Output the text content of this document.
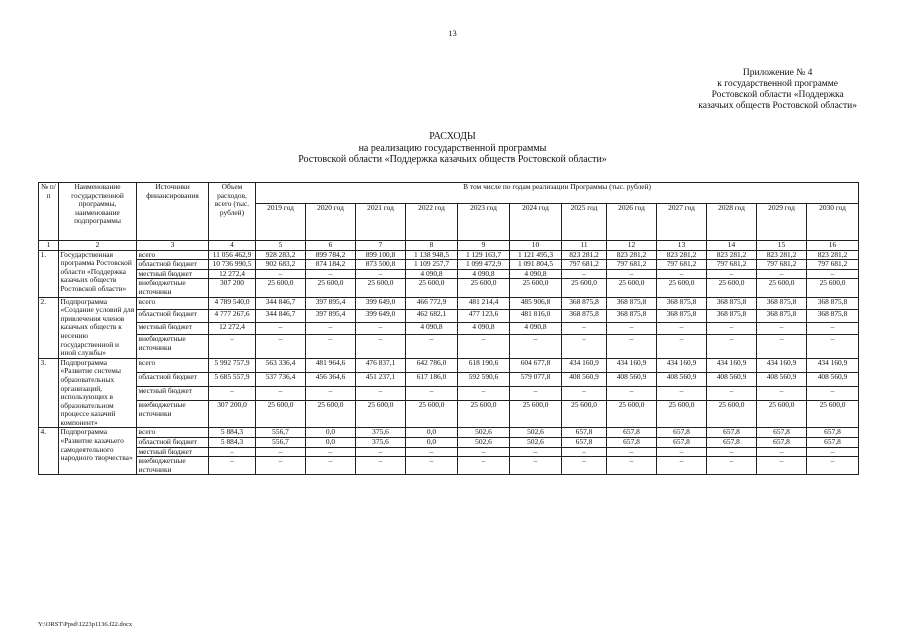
13
Приложение № 4
к государственной программе
Ростовской области «Поддержка
казачьих обществ Ростовской области»
РАСХОДЫ
на реализацию государственной программы
Ростовской области «Поддержка казачьих обществ Ростовской области»
№ п/п	Наименование государственной программы, наименование подпрограммы	Источники финансирования	Объем расходов, всего (тыс. рублей)	В том числе по годам реализации Программы (тыс. рублей)											
				2019 год	2020 год	2021 год	2022 год	2023 год	2024 год	2025 год	2026 год	2027 год	2028 год	2029 год	2030 год
1	2	3	4	5	6	7	8	9	10	11	12	13	14	15	16
1.	Государственная программа Ростовской области «Поддержка казачьих обществ Ростовской области»	всего	11 056 462,9	928 283,2	899 784,2	899 100,8	1 138 948,5	1 129 163,7	1 121 495,3	823 281,2	823 281,2	823 281,2	823 281,2	823 281,2	823 281,2
		областной бюджет	10 736 990,5	902 683,2	874 184,2	873 500,8	1 109 257,7	1 099 472,9	1 091 804,5	797 681,2	797 681,2	797 681,2	797 681,2	797 681,2	797 681,2
		местный бюджет	12 272,4	–	–	–	4 090,8	4 090,8	4 090,8	–	–	–	–	–	–
		внебюджетные источники	307 200	25 600,0	25 600,0	25 600,0	25 600,0	25 600,0	25 600,0	25 600,0	25 600,0	25 600,0	25 600,0	25 600,0	25 600,0
2.	Подпрограмма «Создание условий для привлечения членов казачьих обществ к несению государственной и иной службы»	всего	4 789 540,0	344 846,7	397 895,4	399 649,0	466 772,9	481 214,4	485 906,8	368 875,8	368 875,8	368 875,8	368 875,8	368 875,8	368 875,8
		областной бюджет	4 777 267,6	344 846,7	397 895,4	399 649,0	462 682,1	477 123,6	481 816,0	368 875,8	368 875,8	368 875,8	368 875,8	368 875,8	368 875,8
		местный бюджет	12 272,4	–	–	–	4 090,8	4 090,8	4 090,8	–	–	–	–	–	–
		внебюджетные источники	–	–	–	–	–	–	–	–	–	–	–	–	–
3.	Подпрограмма «Развитие системы образовательных организаций, использующих в образовательном процессе казачий компонент»	всего	5 992 757,9	563 336,4	481 964,6	476 837,1	642 786,0	618 190,6	604 677,8	434 160,9	434 160,9	434 160,9	434 160,9	434 160,9	434 160,9
		областной бюджет	5 685 557,9	537 736,4	456 364,6	451 237,1	617 186,0	592 590,6	579 077,8	408 560,9	408 560,9	408 560,9	408 560,9	408 560,9	408 560,9
		местный бюджет	–	–	–	–	–	–	–	–	–	–	–	–	–
		внебюджетные источники	307 200,0	25 600,0	25 600,0	25 600,0	25 600,0	25 600,0	25 600,0	25 600,0	25 600,0	25 600,0	25 600,0	25 600,0	25 600,0
4.	Подпрограмма «Развитие казачьего самодеятельного народного творчества»	всего	5 884,3	556,7	0,0	375,6	0,0	502,6	502,6	657,8	657,8	657,8	657,8	657,8	657,8
		областной бюджет	5 884,3	556,7	0,0	375,6	0,0	502,6	502,6	657,8	657,8	657,8	657,8	657,8	657,8
		местный бюджет	–	–	–	–	–	–	–	–	–	–	–	–	–
		внебюджетные источники	–	–	–	–	–	–	–	–	–	–	–	–	–
Y:\ORST\Ppsd\1223p1136.f22.docx
